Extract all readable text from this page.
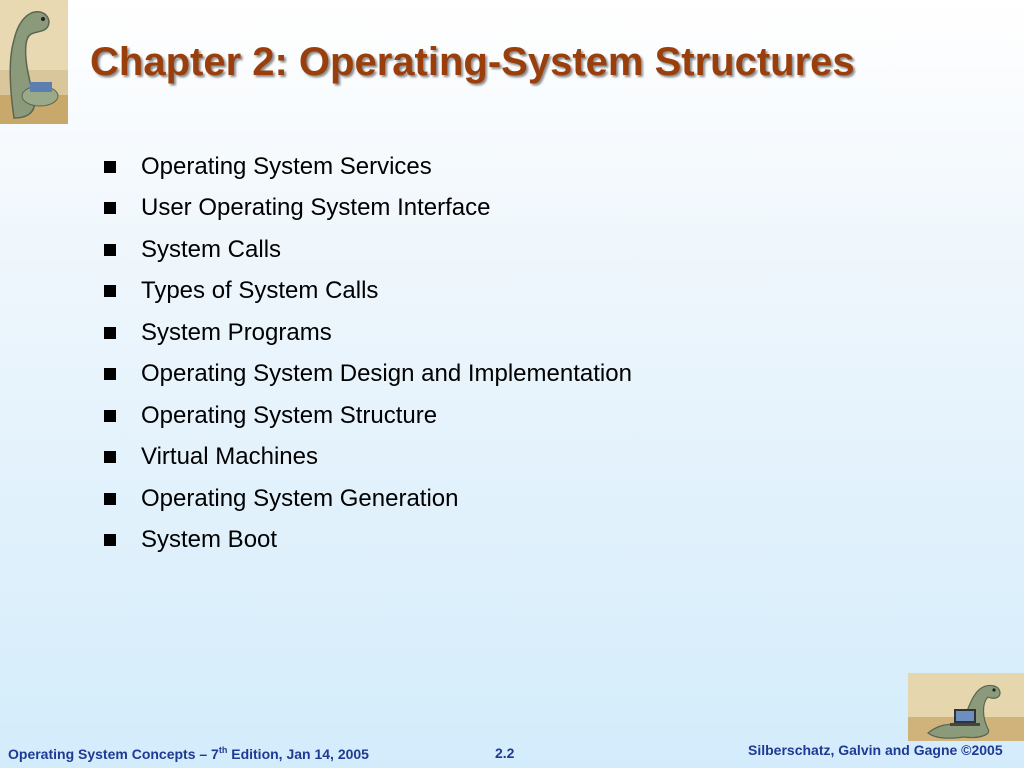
Chapter 2: Operating-System Structures
Operating System Services
User Operating System Interface
System Calls
Types of System Calls
System Programs
Operating System Design and Implementation
Operating System Structure
Virtual Machines
Operating System Generation
System Boot
Operating System Concepts – 7th Edition, Jan 14, 2005	2.2	Silberschatz, Galvin and Gagne ©2005
